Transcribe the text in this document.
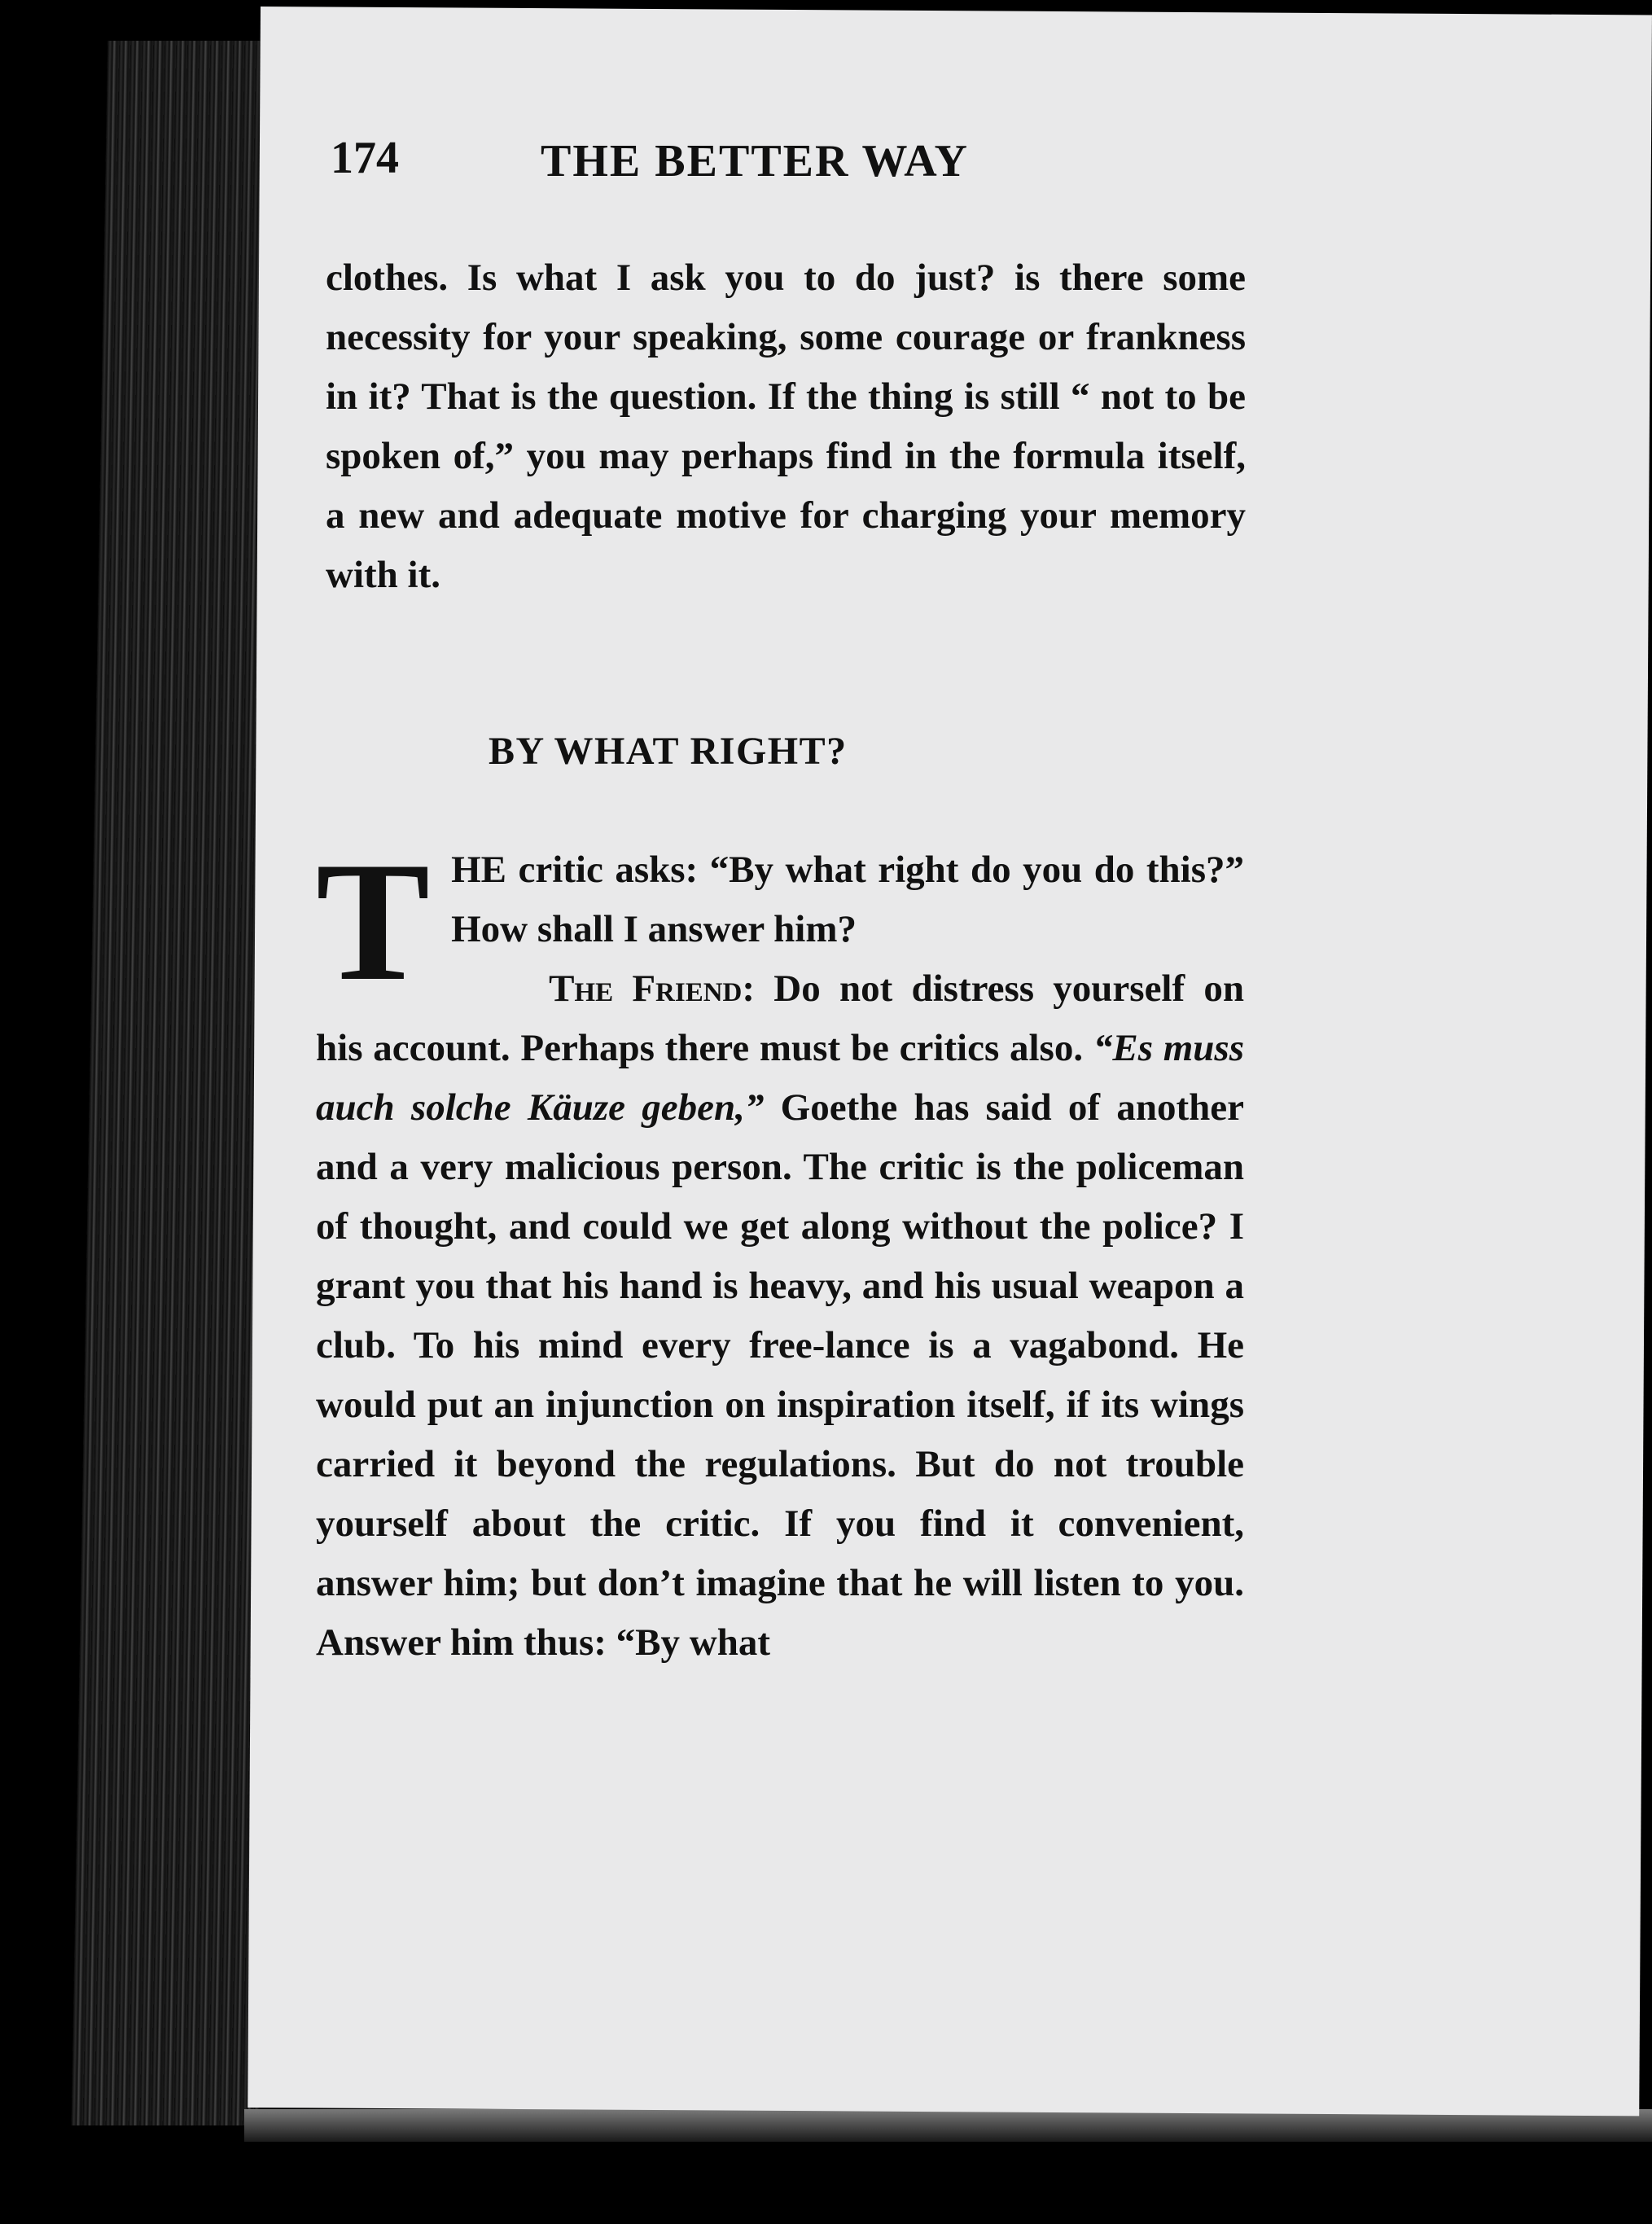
174	THE BETTER WAY

clothes. Is what I ask you to do just? is there some necessity for your speaking, some courage or frankness in it? That is the question. If the thing is still “ not to be spoken of,” you may perhaps find in the formula itself, a new and adequate motive for charging your memory with it.

BY WHAT RIGHT?

THE critic asks: “By what right do you do this?” How shall I answer him?
The Friend: Do not distress yourself on his account. Perhaps there must be critics also. “Es muss auch solche Käuze geben,” Goethe has said of another and a very malicious person. The critic is the policeman of thought, and could we get along without the police? I grant you that his hand is heavy, and his usual weapon a club. To his mind every free-lance is a vagabond. He would put an injunction on inspiration itself, if its wings carried it beyond the regulations. But do not trouble yourself about the critic. If you find it convenient, answer him; but don’t imagine that he will listen to you. Answer him thus: “By what
